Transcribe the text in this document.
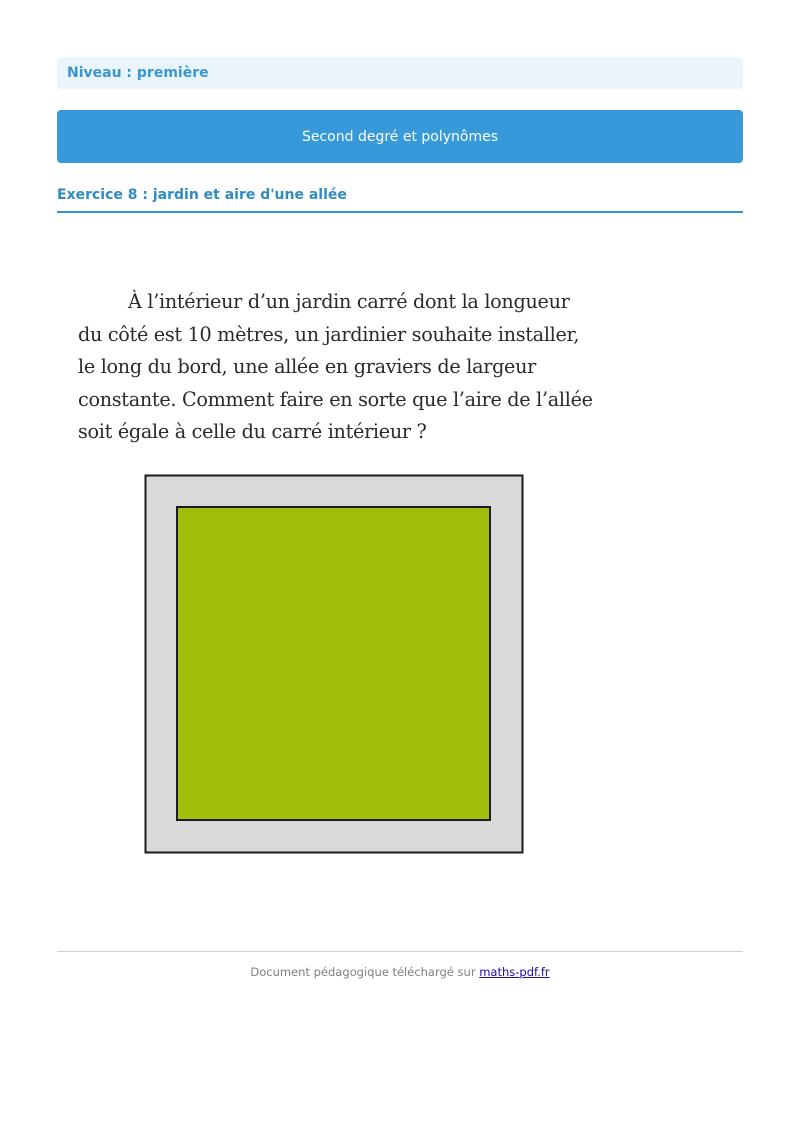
Niveau : première
Second degré et polynômes
Exercice 8 : jardin et aire d'une allée

À l’intérieur d’un jardin carré dont la longueur du côté est 10 mètres, un jardinier souhaite installer, le long du bord, une allée en graviers de largeur constante. Comment faire en sorte que l’aire de l’allée soit égale à celle du carré intérieur ?

Document pédagogique téléchargé sur maths-pdf.fr
